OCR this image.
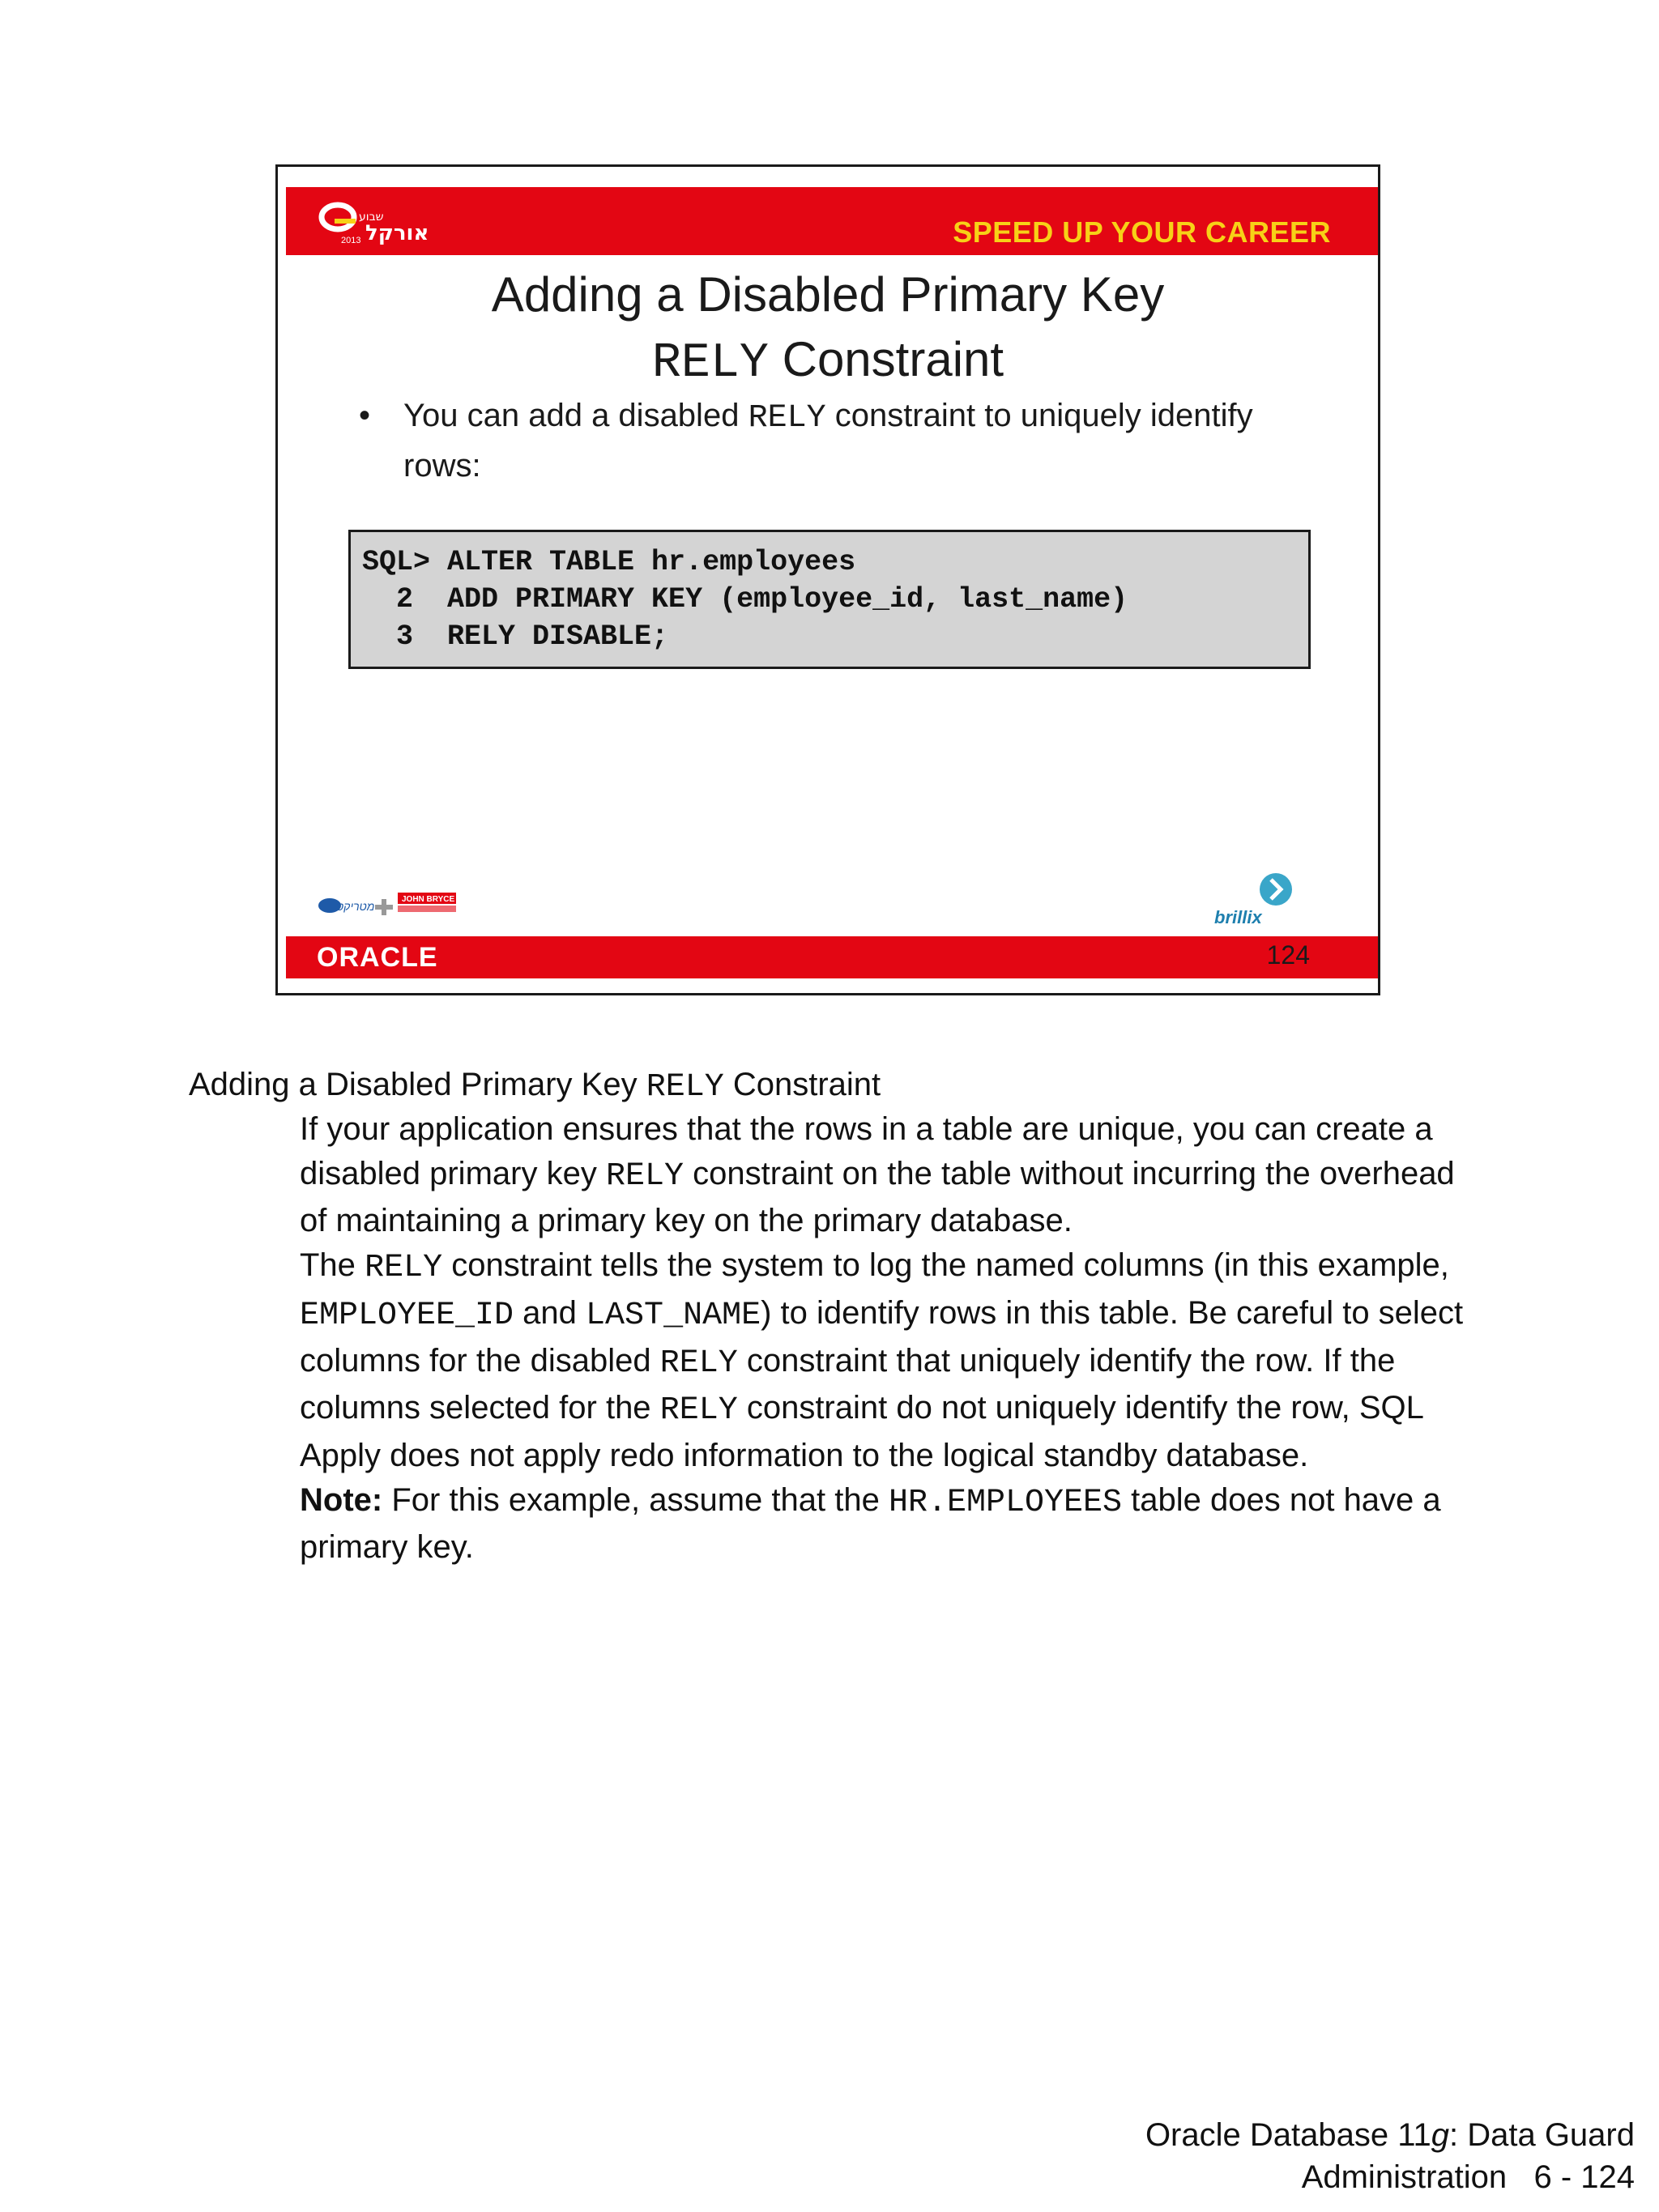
2013
שבוע
אורקל	SPEED UP YOUR CAREER
Adding a Disabled Primary Key
RELY Constraint
• You can add a disabled RELY constraint to uniquely identify rows:
SQL> ALTER TABLE hr.employees
2  ADD PRIMARY KEY (employee_id, last_name)
3  RELY DISABLE;
מטריקס
JOHN BRYCE
brillix
ORACLE	124
Adding a Disabled Primary Key RELY Constraint

If your application ensures that the rows in a table are unique, you can create a disabled primary key RELY constraint on the table without incurring the overhead of maintaining a primary key on the primary database.

The RELY constraint tells the system to log the named columns (in this example, EMPLOYEE_ID and LAST_NAME) to identify rows in this table. Be careful to select columns for the disabled RELY constraint that uniquely identify the row. If the columns selected for the RELY constraint do not uniquely identify the row, SQL Apply does not apply redo information to the logical standby database.

Note: For this example, assume that the HR.EMPLOYEES table does not have a primary key.

Oracle Database 11g: Data Guard
Administration   6 - 124
